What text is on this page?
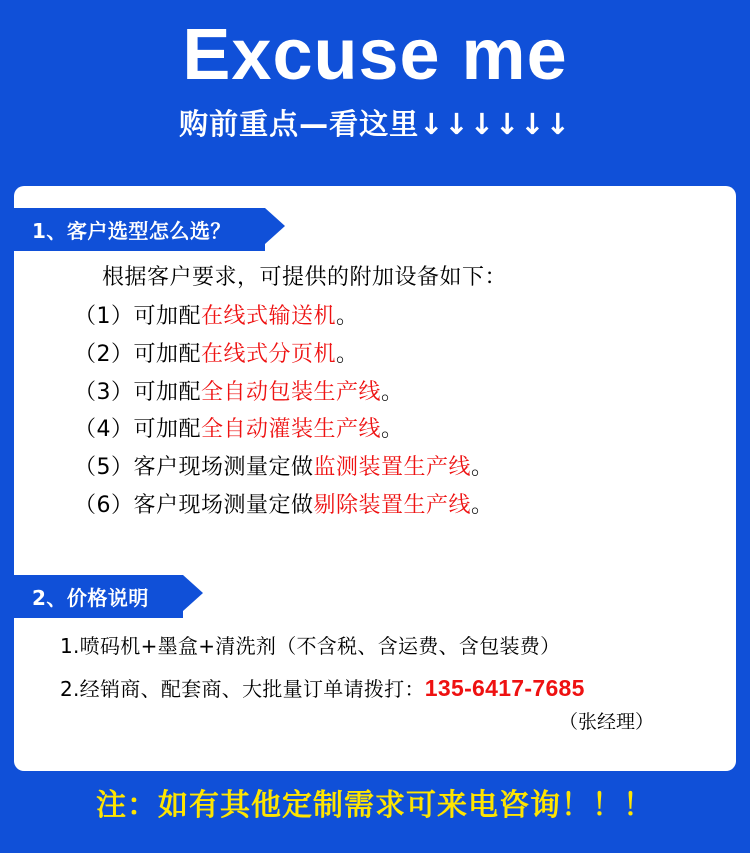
Excuse me
购前重点—看这里↓↓↓↓↓↓
1、客户选型怎么选？
根据客户要求，可提供的附加设备如下：
（1）可加配在线式输送机。
（2）可加配在线式分页机。
（3）可加配全自动包装生产线。
（4）可加配全自动灌装生产线。
（5）客户现场测量定做监测装置生产线。
（6）客户现场测量定做剔除装置生产线。
2、价格说明
1.喷码机+墨盒+清洗剂（不含税、含运费、含包装费）
2.经销商、配套商、大批量订单请拨打：135-6417-7685
（张经理）
注：如有其他定制需求可来电咨询！！！
